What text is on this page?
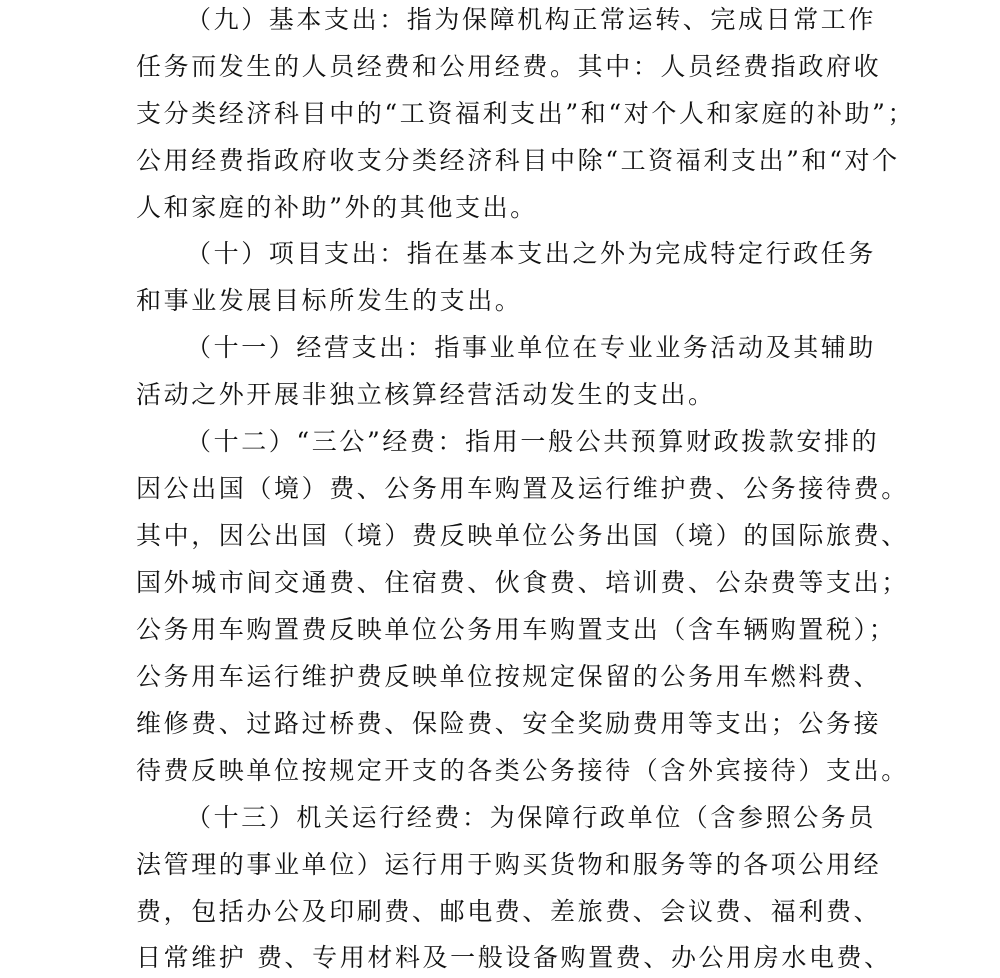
（九）基本支出：指为保障机构正常运转、完成日常工作
任务而发生的人员经费和公用经费。其中：人员经费指政府收
支分类经济科目中的“工资福利支出”和“对个人和家庭的补助”；
公用经费指政府收支分类经济科目中除“工资福利支出”和“对个
人和家庭的补助”外的其他支出。
（十）项目支出：指在基本支出之外为完成特定行政任务
和事业发展目标所发生的支出。
（十一）经营支出：指事业单位在专业业务活动及其辅助
活动之外开展非独立核算经营活动发生的支出。
（十二）“三公”经费：指用一般公共预算财政拨款安排的
因公出国（境）费、公务用车购置及运行维护费、公务接待费。
其中，因公出国（境）费反映单位公务出国（境）的国际旅费、
国外城市间交通费、住宿费、伙食费、培训费、公杂费等支出；
公务用车购置费反映单位公务用车购置支出（含车辆购置税）；
公务用车运行维护费反映单位按规定保留的公务用车燃料费、
维修费、过路过桥费、保险费、安全奖励费用等支出；公务接
待费反映单位按规定开支的各类公务接待（含外宾接待）支出。
（十三）机关运行经费：为保障行政单位（含参照公务员
法管理的事业单位）运行用于购买货物和服务等的各项公用经
费，包括办公及印刷费、邮电费、差旅费、会议费、福利费、
日常维护 费、专用材料及一般设备购置费、办公用房水电费、
